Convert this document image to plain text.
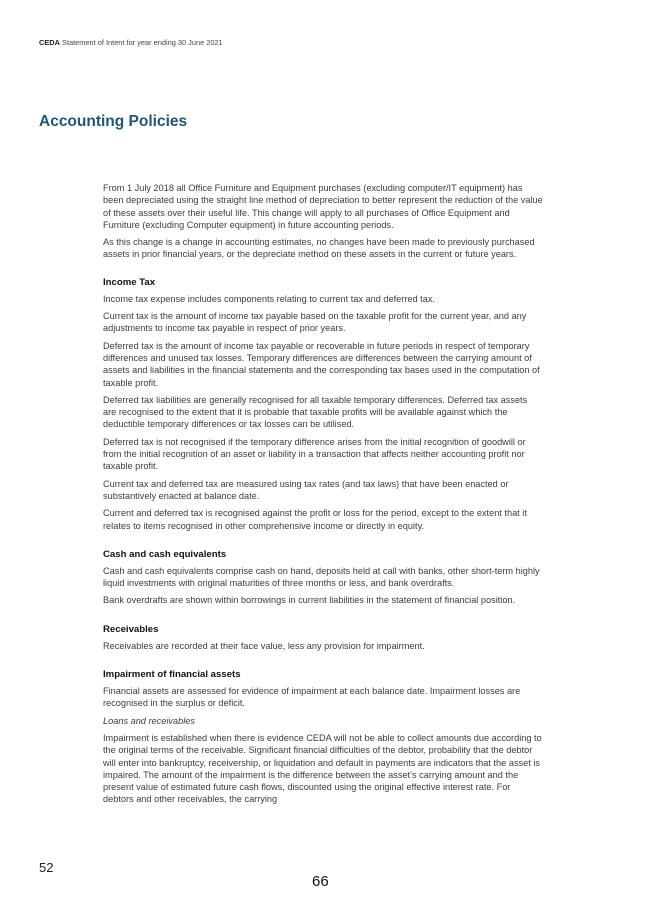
CEDA Statement of Intent for year ending 30 June 2021
Accounting Policies

From 1 July 2018 all Office Furniture and Equipment purchases (excluding computer/IT equipment) has been depreciated using the straight line method of depreciation to better represent the reduction of the value of these assets over their useful life. This change will apply to all purchases of Office Equipment and Furniture (excluding Computer equipment) in future accounting periods.

As this change is a change in accounting estimates, no changes have been made to previously purchased assets in prior financial years, or the depreciate method on these assets in the current or future years.

Income Tax

Income tax expense includes components relating to current tax and deferred tax.

Current tax is the amount of income tax payable based on the taxable profit for the current year, and any adjustments to income tax payable in respect of prior years.

Deferred tax is the amount of income tax payable or recoverable in future periods in respect of temporary differences and unused tax losses. Temporary differences are differences between the carrying amount of assets and liabilities in the financial statements and the corresponding tax bases used in the computation of taxable profit.

Deferred tax liabilities are generally recognised for all taxable temporary differences. Deferred tax assets are recognised to the extent that it is probable that taxable profits will be available against which the deductible temporary differences or tax losses can be utilised.

Deferred tax is not recognised if the temporary difference arises from the initial recognition of goodwill or from the initial recognition of an asset or liability in a transaction that affects neither accounting profit nor taxable profit.

Current tax and deferred tax are measured using tax rates (and tax laws) that have been enacted or substantively enacted at balance date.

Current and deferred tax is recognised against the profit or loss for the period, except to the extent that it relates to items recognised in other comprehensive income or directly in equity.

Cash and cash equivalents

Cash and cash equivalents comprise cash on hand, deposits held at call with banks, other short-term highly liquid investments with original maturities of three months or less, and bank overdrafts.

Bank overdrafts are shown within borrowings in current liabilities in the statement of financial position.

Receivables

Receivables are recorded at their face value, less any provision for impairment.

Impairment of financial assets

Financial assets are assessed for evidence of impairment at each balance date. Impairment losses are recognised in the surplus or deficit.

Loans and receivables

Impairment is established when there is evidence CEDA will not be able to collect amounts due according to the original terms of the receivable. Significant financial difficulties of the debtor, probability that the debtor will enter into bankruptcy, receivership, or liquidation and default in payments are indicators that the asset is impaired. The amount of the impairment is the difference between the asset’s carrying amount and the present value of estimated future cash flows, discounted using the original effective interest rate. For debtors and other receivables, the carrying

52
66
